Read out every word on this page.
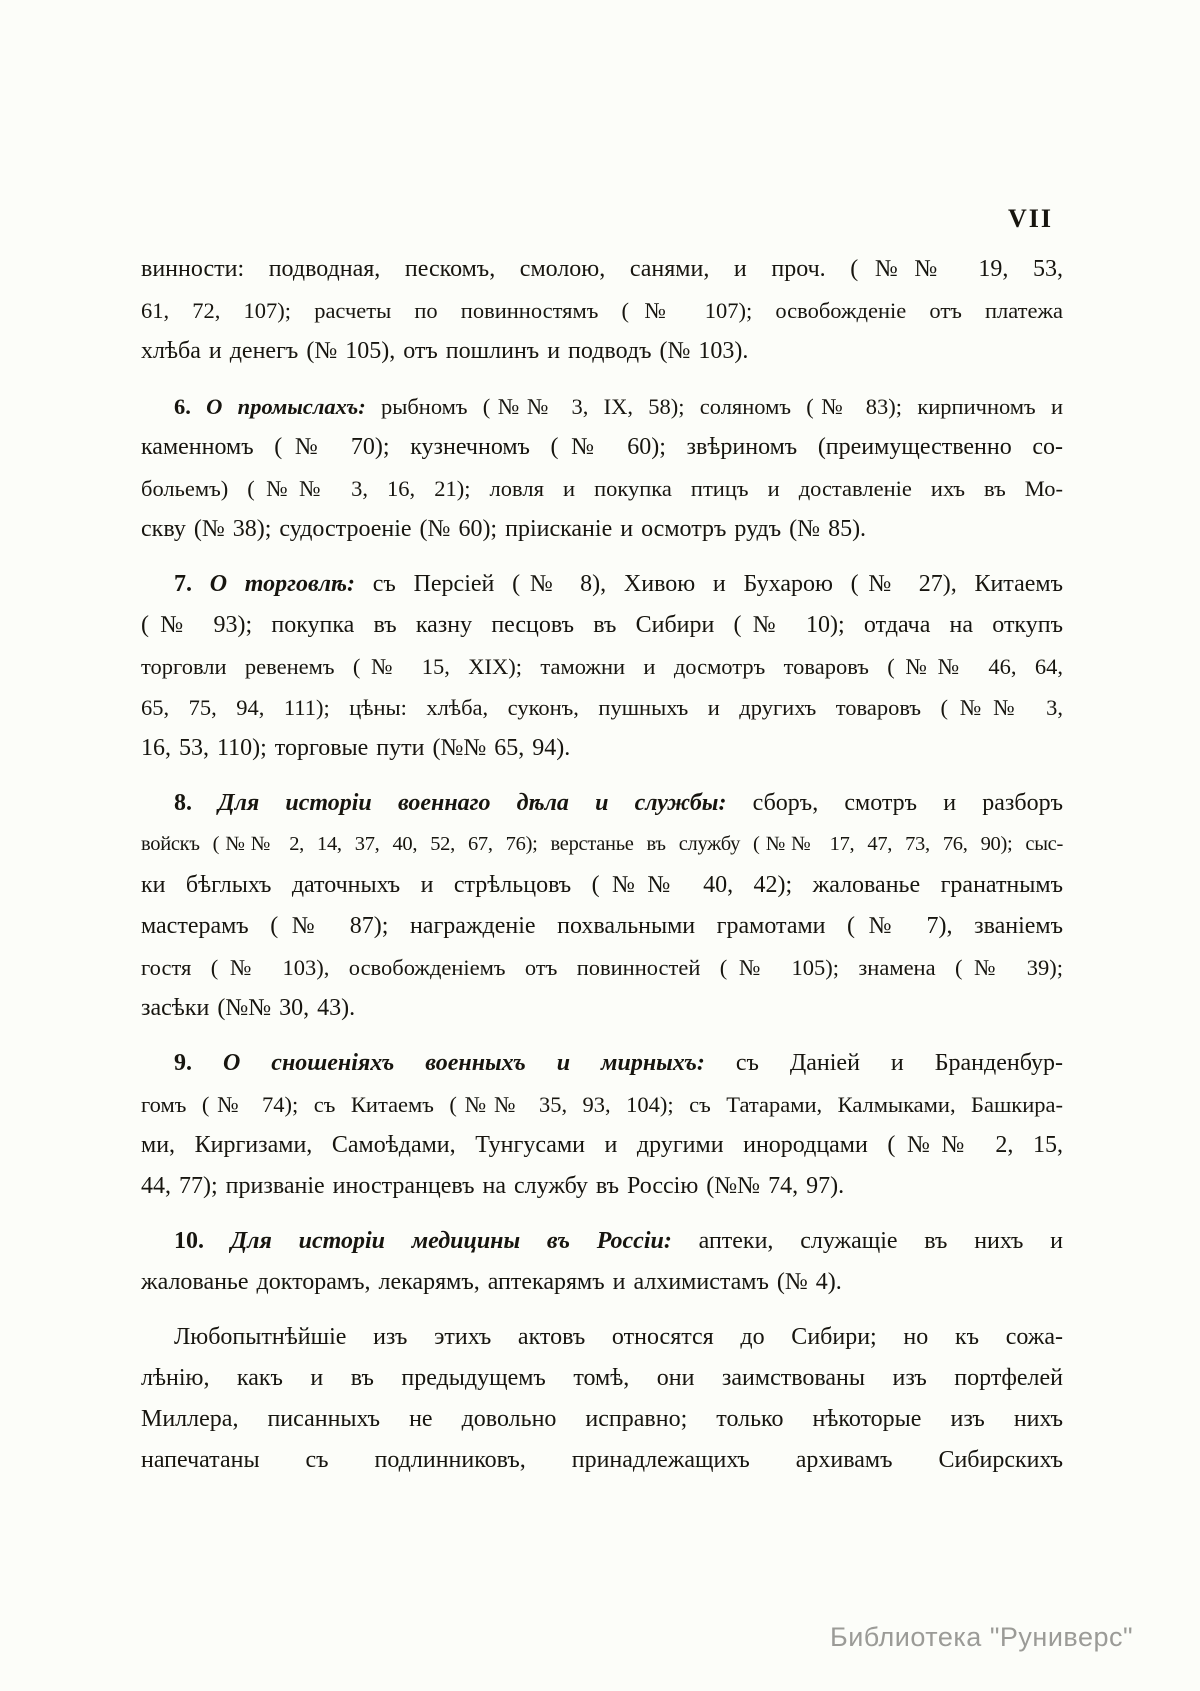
VII
винности: подводная, пескомъ, смолою, санями, и проч. (№№ 19, 53,
61, 72, 107); расчеты по повинностямъ (№ 107); освобожденіе отъ платежа
хлѣба и денегъ (№ 105), отъ пошлинъ и подводъ (№ 103).
6. О промыслахъ: рыбномъ (№№ 3, IX, 58); соляномъ (№ 83); кирпичномъ и
каменномъ (№ 70); кузнечномъ (№ 60); звѣриномъ (преимущественно со-
больемъ) (№№ 3, 16, 21); ловля и покупка птицъ и доставленіе ихъ въ Мо-
скву (№ 38); судостроеніе (№ 60); пріисканіе и осмотръ рудъ (№ 85).
7. О торговлѣ: съ Персіей (№ 8), Хивою и Бухарою (№ 27), Китаемъ
(№ 93); покупка въ казну песцовъ въ Сибири (№ 10); отдача на откупъ
торговли ревенемъ (№ 15, XIX); таможни и досмотръ товаровъ (№№ 46, 64,
65, 75, 94, 111); цѣны: хлѣба, суконъ, пушныхъ и другихъ товаровъ (№№ 3,
16, 53, 110); торговые пути (№№ 65, 94).
8. Для исторіи военнаго дѣла и службы: сборъ, смотръ и разборъ
войскъ (№№ 2, 14, 37, 40, 52, 67, 76); верстанье въ службу (№№ 17, 47, 73, 76, 90); сыс-
ки бѣглыхъ даточныхъ и стрѣльцовъ (№№ 40, 42); жалованье гранатнымъ
мастерамъ (№ 87); награжденіе похвальными грамотами (№ 7), званіемъ
гостя (№ 103), освобожденіемъ отъ повинностей (№ 105); знамена (№ 39);
засѣки (№№ 30, 43).
9. О сношеніяхъ военныхъ и мирныхъ: съ Даніей и Бранденбур-
гомъ (№ 74); съ Китаемъ (№№ 35, 93, 104); съ Татарами, Калмыками, Башкира-
ми, Киргизами, Самоѣдами, Тунгусами и другими инородцами (№№ 2, 15,
44, 77); призваніе иностранцевъ на службу въ Россію (№№ 74, 97).
10. Для исторіи медицины въ Россіи: аптеки, служащіе въ нихъ и
жалованье докторамъ, лекарямъ, аптекарямъ и алхимистамъ (№ 4).
Любопытнѣйшіе изъ этихъ актовъ относятся до Сибири; но къ сожа-
лѣнію, какъ и въ предыдущемъ томѣ, они заимствованы изъ портфелей
Миллера, писанныхъ не довольно исправно; только нѣкоторые изъ нихъ
напечатаны съ подлинниковъ, принадлежащихъ архивамъ Сибирскихъ
Библиотека "Руниверс"
